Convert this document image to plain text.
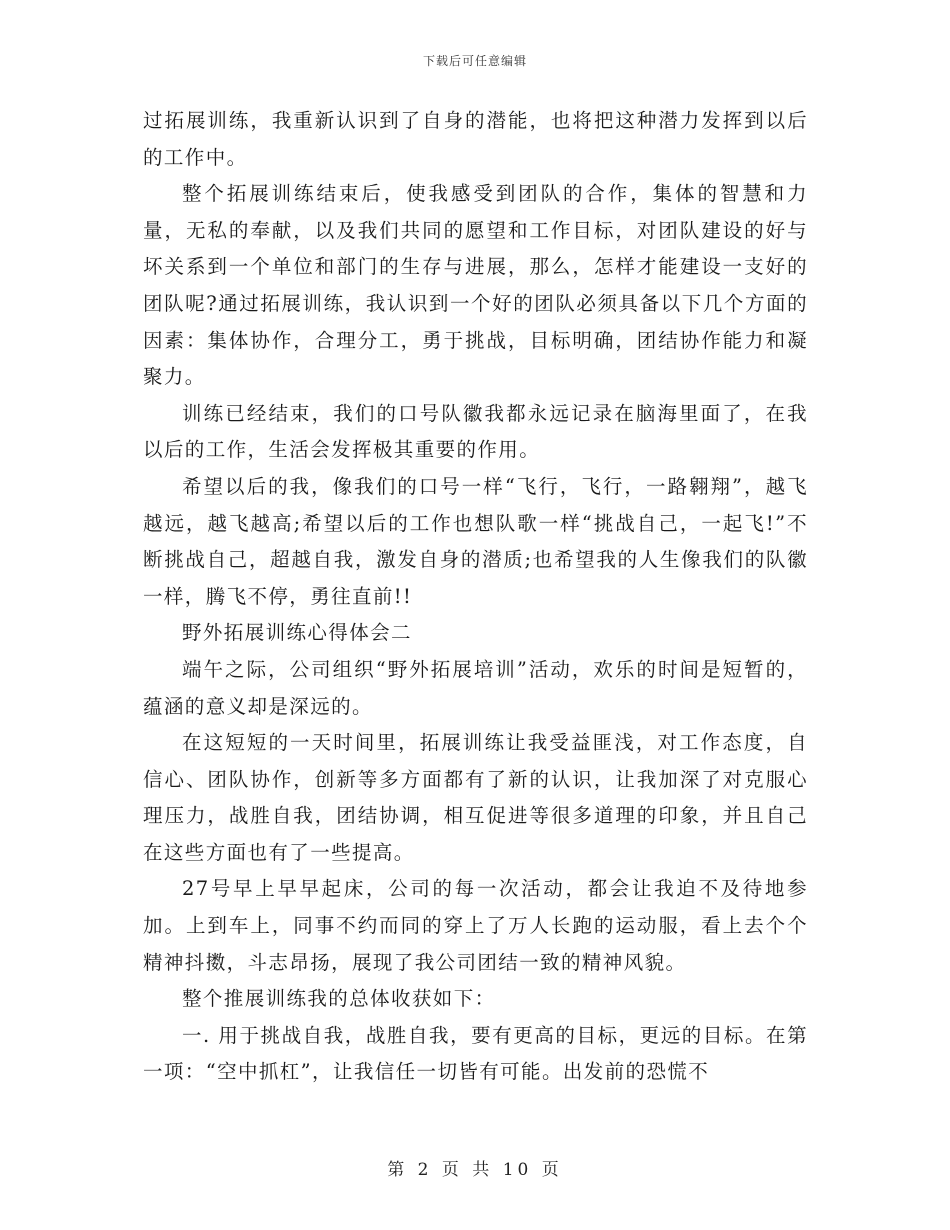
下载后可任意编辑

过拓展训练，我重新认识到了自身的潜能，也将把这种潜力发挥到以后的工作中。

整个拓展训练结束后，使我感受到团队的合作，集体的智慧和力量，无私的奉献，以及我们共同的愿望和工作目标，对团队建设的好与坏关系到一个单位和部门的生存与进展，那么，怎样才能建设一支好的团队呢?通过拓展训练，我认识到一个好的团队必须具备以下几个方面的因素：集体协作，合理分工，勇于挑战，目标明确，团结协作能力和凝聚力。

训练已经结束，我们的口号队徽我都永远记录在脑海里面了，在我以后的工作，生活会发挥极其重要的作用。

希望以后的我，像我们的口号一样“飞行，飞行，一路翱翔”，越飞越远，越飞越高;希望以后的工作也想队歌一样“挑战自己，一起飞!”不断挑战自己，超越自我，激发自身的潜质;也希望我的人生像我们的队徽一样，腾飞不停，勇往直前!!

野外拓展训练心得体会二

端午之际，公司组织“野外拓展培训”活动，欢乐的时间是短暂的，蕴涵的意义却是深远的。

在这短短的一天时间里，拓展训练让我受益匪浅，对工作态度，自信心、团队协作，创新等多方面都有了新的认识，让我加深了对克服心理压力，战胜自我，团结协调，相互促进等很多道理的印象，并且自己在这些方面也有了一些提高。

27号早上早早起床，公司的每一次活动，都会让我迫不及待地参加。上到车上，同事不约而同的穿上了万人长跑的运动服，看上去个个精神抖擞，斗志昂扬，展现了我公司团结一致的精神风貌。

整个推展训练我的总体收获如下：

一. 用于挑战自我，战胜自我，要有更高的目标，更远的目标。在第一项：“空中抓杠”，让我信任一切皆有可能。出发前的恐慌不

第 2 页 共 10 页
